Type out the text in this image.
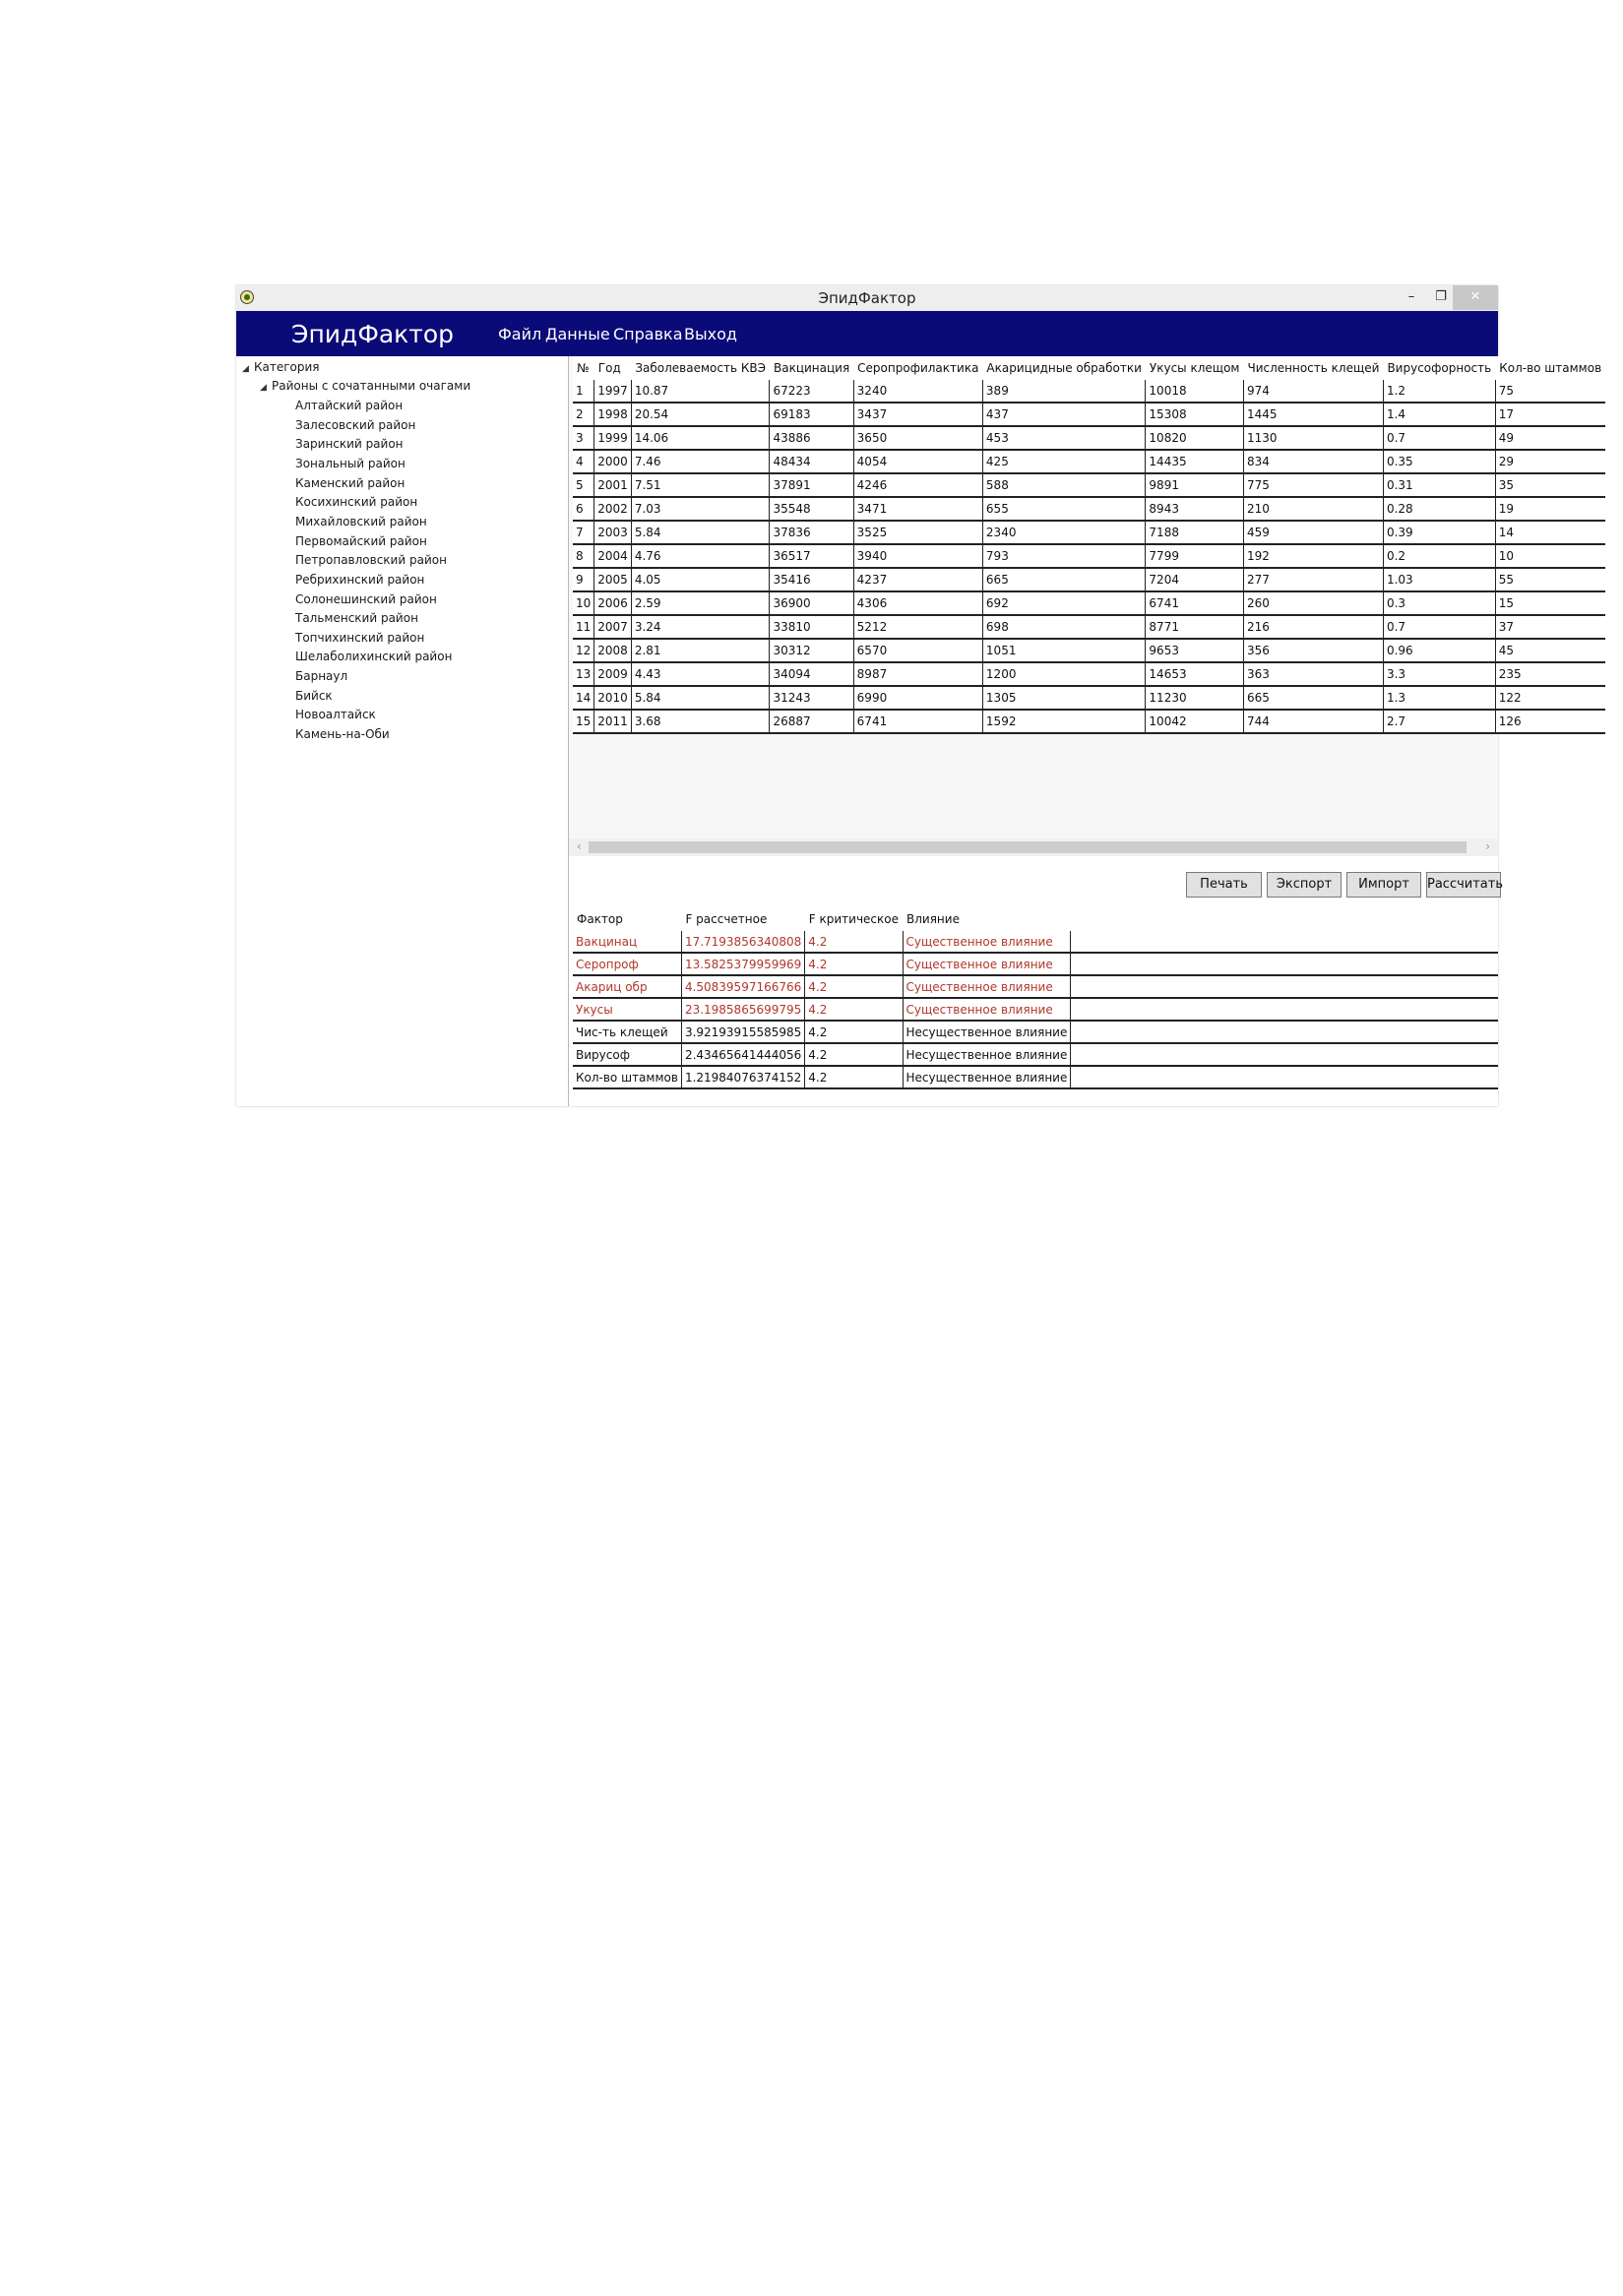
ЭпидФактор	–	❐	✕
ЭпидФактор	Файл Данные Справка Выход
◢ Категория
◢ Районы с сочатанными очагами
Алтайский район
Залесовский район
Заринский район
Зональный район
Каменский район
Косихинский район
Михайловский район
Первомайский район
Петропавловский район
Ребрихинский район
Солонешинский район
Тальменский район
Топчихинский район
Шелаболихинский район
Барнаул
Бийск
Новоалтайск
Камень-на-Оби
№	Год	Заболеваемость КВЭ	Вакцинация	Серопрофилактика	Акарицидные обработки	Укусы клещом	Численность клещей	Вирусофорность	Кол-во штаммов
1	1997	10.87	67223	3240	389	10018	974	1.2	75
2	1998	20.54	69183	3437	437	15308	1445	1.4	17
3	1999	14.06	43886	3650	453	10820	1130	0.7	49
4	2000	7.46	48434	4054	425	14435	834	0.35	29
5	2001	7.51	37891	4246	588	9891	775	0.31	35
6	2002	7.03	35548	3471	655	8943	210	0.28	19
7	2003	5.84	37836	3525	2340	7188	459	0.39	14
8	2004	4.76	36517	3940	793	7799	192	0.2	10
9	2005	4.05	35416	4237	665	7204	277	1.03	55
10	2006	2.59	36900	4306	692	6741	260	0.3	15
11	2007	3.24	33810	5212	698	8771	216	0.7	37
12	2008	2.81	30312	6570	1051	9653	356	0.96	45
13	2009	4.43	34094	8987	1200	14653	363	3.3	235
14	2010	5.84	31243	6990	1305	11230	665	1.3	122
15	2011	3.68	26887	6741	1592	10042	744	2.7	126
‹	›
Печать	Экспорт	Импорт	Рассчитать
Фактор	F рассчетное	F критическое	Влияние	
Вакцинац	17.7193856340808	4.2	Существенное влияние	
Серопроф	13.5825379959969	4.2	Существенное влияние	
Акариц обр	4.50839597166766	4.2	Существенное влияние	
Укусы	23.1985865699795	4.2	Существенное влияние	
Чис-ть клещей	3.92193915585985	4.2	Несущественное влияние	
Вирусоф	2.43465641444056	4.2	Несущественное влияние	
Кол-во штаммов	1.21984076374152	4.2	Несущественное влияние	
